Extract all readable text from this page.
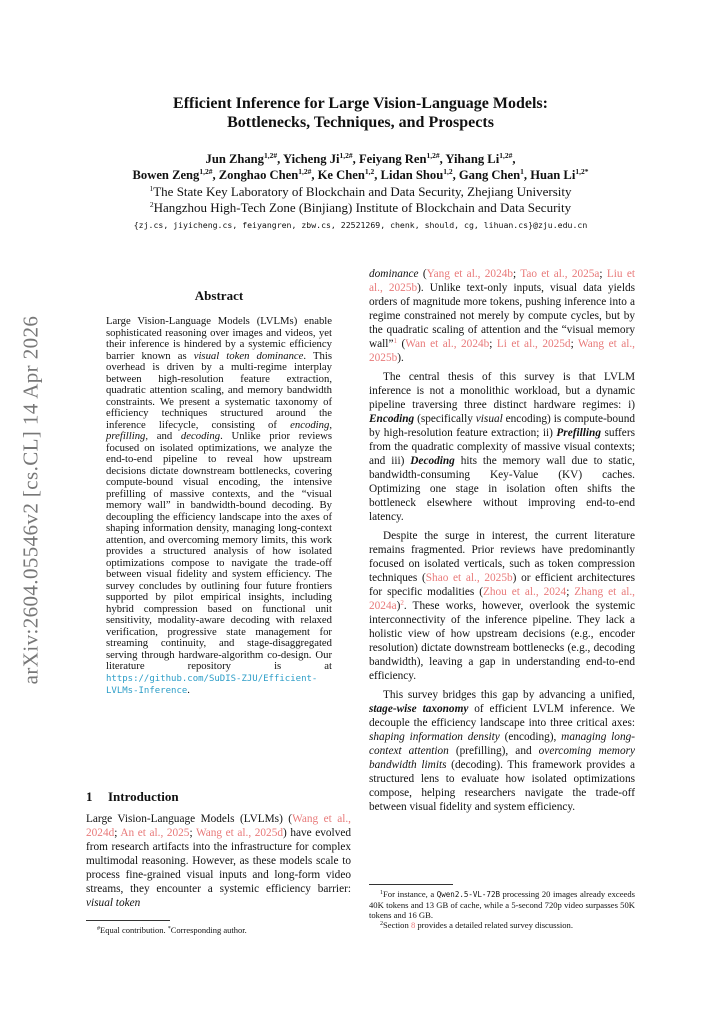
arXiv:2604.05546v2 [cs.CL] 14 Apr 2026
Efficient Inference for Large Vision-Language Models:
Bottlenecks, Techniques, and Prospects
Jun Zhang$^{1,2\#}$, Yicheng $Ji^{1,2\#}$, Feiyang Ren$^{1,2\#}$, Yihang $Li^{1,2\#}$,
Bowen Zeng$^{1,2\#}$, Zonghao Chen$^{1,2\#}$, Ke Chen$^{1,2}$, Lidan Shou$^{1,2}$, Gang Chen$^1$, Huan $Li^{1,2*}$
$^1$The State Key Laboratory of Blockchain and Data Security, Zhejiang University
$^2$Hangzhou High-Tech Zone (Binjiang) Institute of Blockchain and Data Security
{zj.cs, jiyicheng.cs, feiyangren, zbw.cs, 22521269, chenk, should, cg, lihuan.cs}@zju.edu.cn
Abstract
Large Vision-Language Models (LVLMs) enable sophisticated reasoning over images and videos, yet their inference is hindered by a systemic efficiency barrier known as visual token dominance. This overhead is driven by a multi-regime interplay between high-resolution feature extraction, quadratic attention scaling, and memory bandwidth constraints. We present a systematic taxonomy of efficiency techniques structured around the inference lifecycle, consisting of encoding, prefilling, and decoding. Unlike prior reviews focused on isolated optimizations, we analyze the end-to-end pipeline to reveal how upstream decisions dictate downstream bottlenecks, covering compute-bound visual encoding, the intensive prefilling of massive contexts, and the “visual memory wall” in bandwidth-bound decoding. By decoupling the efficiency landscape into the axes of shaping information density, managing long-context attention, and overcoming memory limits, this work provides a structured analysis of how isolated optimizations compose to navigate the trade-off between visual fidelity and system efficiency. The survey concludes by outlining four future frontiers supported by pilot empirical insights, including hybrid compression based on functional unit sensitivity, modality-aware decoding with relaxed verification, progressive state management for streaming continuity, and stage-disaggregated serving through hardware-algorithm co-design. Our literature repository is at https://github.com/SuDIS-ZJU/Efficient-LVLMs-Inference.
1 Introduction
Large Vision-Language Models (LVLMs) (Wang et al., 2024d; An et al., 2025; Wang et al., 2025d) have evolved from research artifacts into the infrastructure for complex multimodal reasoning. However, as these models scale to process fine-grained visual inputs and long-form video streams, they encounter a systemic efficiency barrier: visual token
#Equal contribution. *Corresponding author.

dominance (Yang et al., 2024b; Tao et al., 2025a; Liu et al., 2025b). Unlike text-only inputs, visual data yields orders of magnitude more tokens, pushing inference into a regime constrained not merely by compute cycles, but by the quadratic scaling of attention and the “visual memory wall”$^1$ (Wan et al., 2024b; Li et al., 2025d; Wang et al., 2025b).

The central thesis of this survey is that LVLM inference is not a monolithic workload, but a dynamic pipeline traversing three distinct hardware regimes: i) Encoding (specifically visual encoding) is compute-bound by high-resolution feature extraction; ii) Prefilling suffers from the quadratic complexity of massive visual contexts; and iii) Decoding hits the memory wall due to static, bandwidth-consuming Key-Value (KV) caches. Optimizing one stage in isolation often shifts the bottleneck elsewhere without improving end-to-end latency.

Despite the surge in interest, the current literature remains fragmented. Prior reviews have predominantly focused on isolated verticals, such as token compression techniques (Shao et al., 2025b) or efficient architectures for specific modalities (Zhou et al., 2024; Zhang et al., 2024a)$^2$. These works, however, overlook the systemic interconnectivity of the inference pipeline. They lack a holistic view of how upstream decisions (e.g., encoder resolution) dictate downstream bottlenecks (e.g., decoding bandwidth), leaving a gap in understanding end-to-end efficiency.

This survey bridges this gap by advancing a unified, stage-wise taxonomy of efficient LVLM inference. We decouple the efficiency landscape into three critical axes: shaping information density (encoding), managing long-context attention (prefilling), and overcoming memory bandwidth limits (decoding). This framework provides a structured lens to evaluate how isolated optimizations compose, helping researchers navigate the trade-off between visual fidelity and system efficiency.

$^1$For instance, a Qwen2.5-VL-72B processing 20 images already exceeds 40K tokens and 13 GB of cache, while a 5-second 720p video surpasses 50K tokens and 16 GB.

$^2$Section 8 provides a detailed related survey discussion.
